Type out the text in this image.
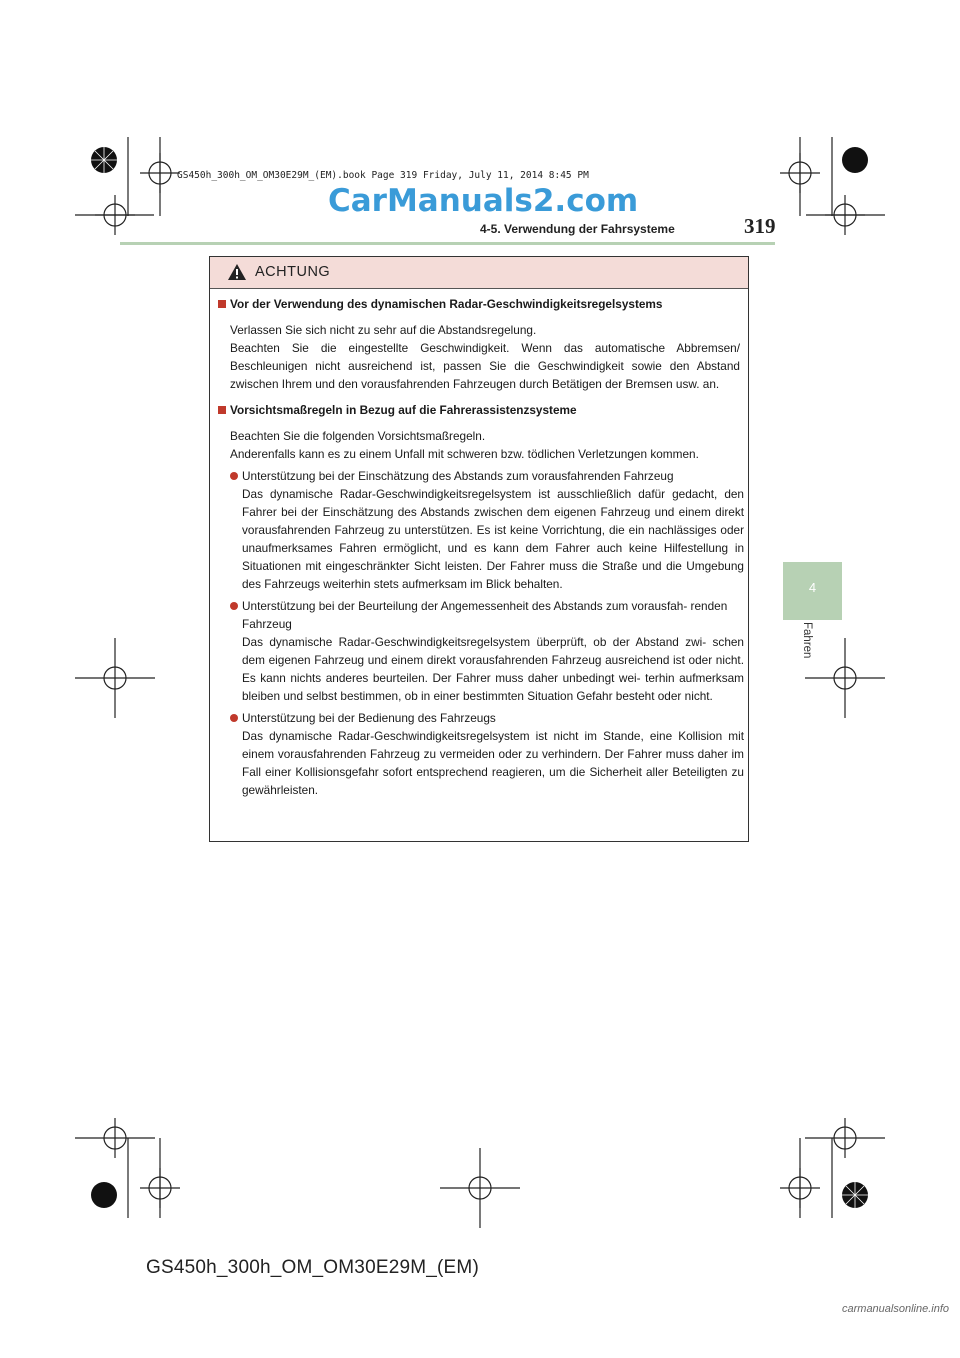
GS450h_300h_OM_OM30E29M_(EM).book Page 319 Friday, July 11, 2014 8:45 PM
CarManuals2.com
4-5. Verwendung der Fahrsysteme	319
4
Fahren
ACHTUNG
Vor der Verwendung des dynamischen Radar-Geschwindigkeitsregelsystems

Verlassen Sie sich nicht zu sehr auf die Abstandsregelung.

Beachten Sie die eingestellte Geschwindigkeit. Wenn das automatische Abbremsen/ Beschleunigen nicht ausreichend ist, passen Sie die Geschwindigkeit sowie den Abstand zwischen Ihrem und den vorausfahrenden Fahrzeugen durch Betätigen der Bremsen usw. an.

Vorsichtsmaßregeln in Bezug auf die Fahrerassistenzsysteme

Beachten Sie die folgenden Vorsichtsmaßregeln.

Anderenfalls kann es zu einem Unfall mit schweren bzw. tödlichen Verletzungen kommen.

Unterstützung bei der Einschätzung des Abstands zum vorausfahrenden Fahrzeug
Das dynamische Radar-Geschwindigkeitsregelsystem ist ausschließlich dafür gedacht, den Fahrer bei der Einschätzung des Abstands zwischen dem eigenen Fahrzeug und einem direkt vorausfahrenden Fahrzeug zu unterstützen. Es ist keine Vorrichtung, die ein nachlässiges oder unaufmerksames Fahren ermöglicht, und es kann dem Fahrer auch keine Hilfestellung in Situationen mit eingeschränkter Sicht leisten. Der Fahrer muss die Straße und die Umgebung des Fahrzeugs weiterhin stets aufmerksam im Blick behalten.
Unterstützung bei der Beurteilung der Angemessenheit des Abstands zum vorausfah- renden Fahrzeug
Das dynamische Radar-Geschwindigkeitsregelsystem überprüft, ob der Abstand zwi- schen dem eigenen Fahrzeug und einem direkt vorausfahrenden Fahrzeug ausreichend ist oder nicht. Es kann nichts anderes beurteilen. Der Fahrer muss daher unbedingt wei- terhin aufmerksam bleiben und selbst bestimmen, ob in einer bestimmten Situation Gefahr besteht oder nicht.
Unterstützung bei der Bedienung des Fahrzeugs
Das dynamische Radar-Geschwindigkeitsregelsystem ist nicht im Stande, eine Kollision mit einem vorausfahrenden Fahrzeug zu vermeiden oder zu verhindern. Der Fahrer muss daher im Fall einer Kollisionsgefahr sofort entsprechend reagieren, um die Sicherheit aller Beteiligten zu gewährleisten.
GS450h_300h_OM_OM30E29M_(EM)
carmanualsonline.info
